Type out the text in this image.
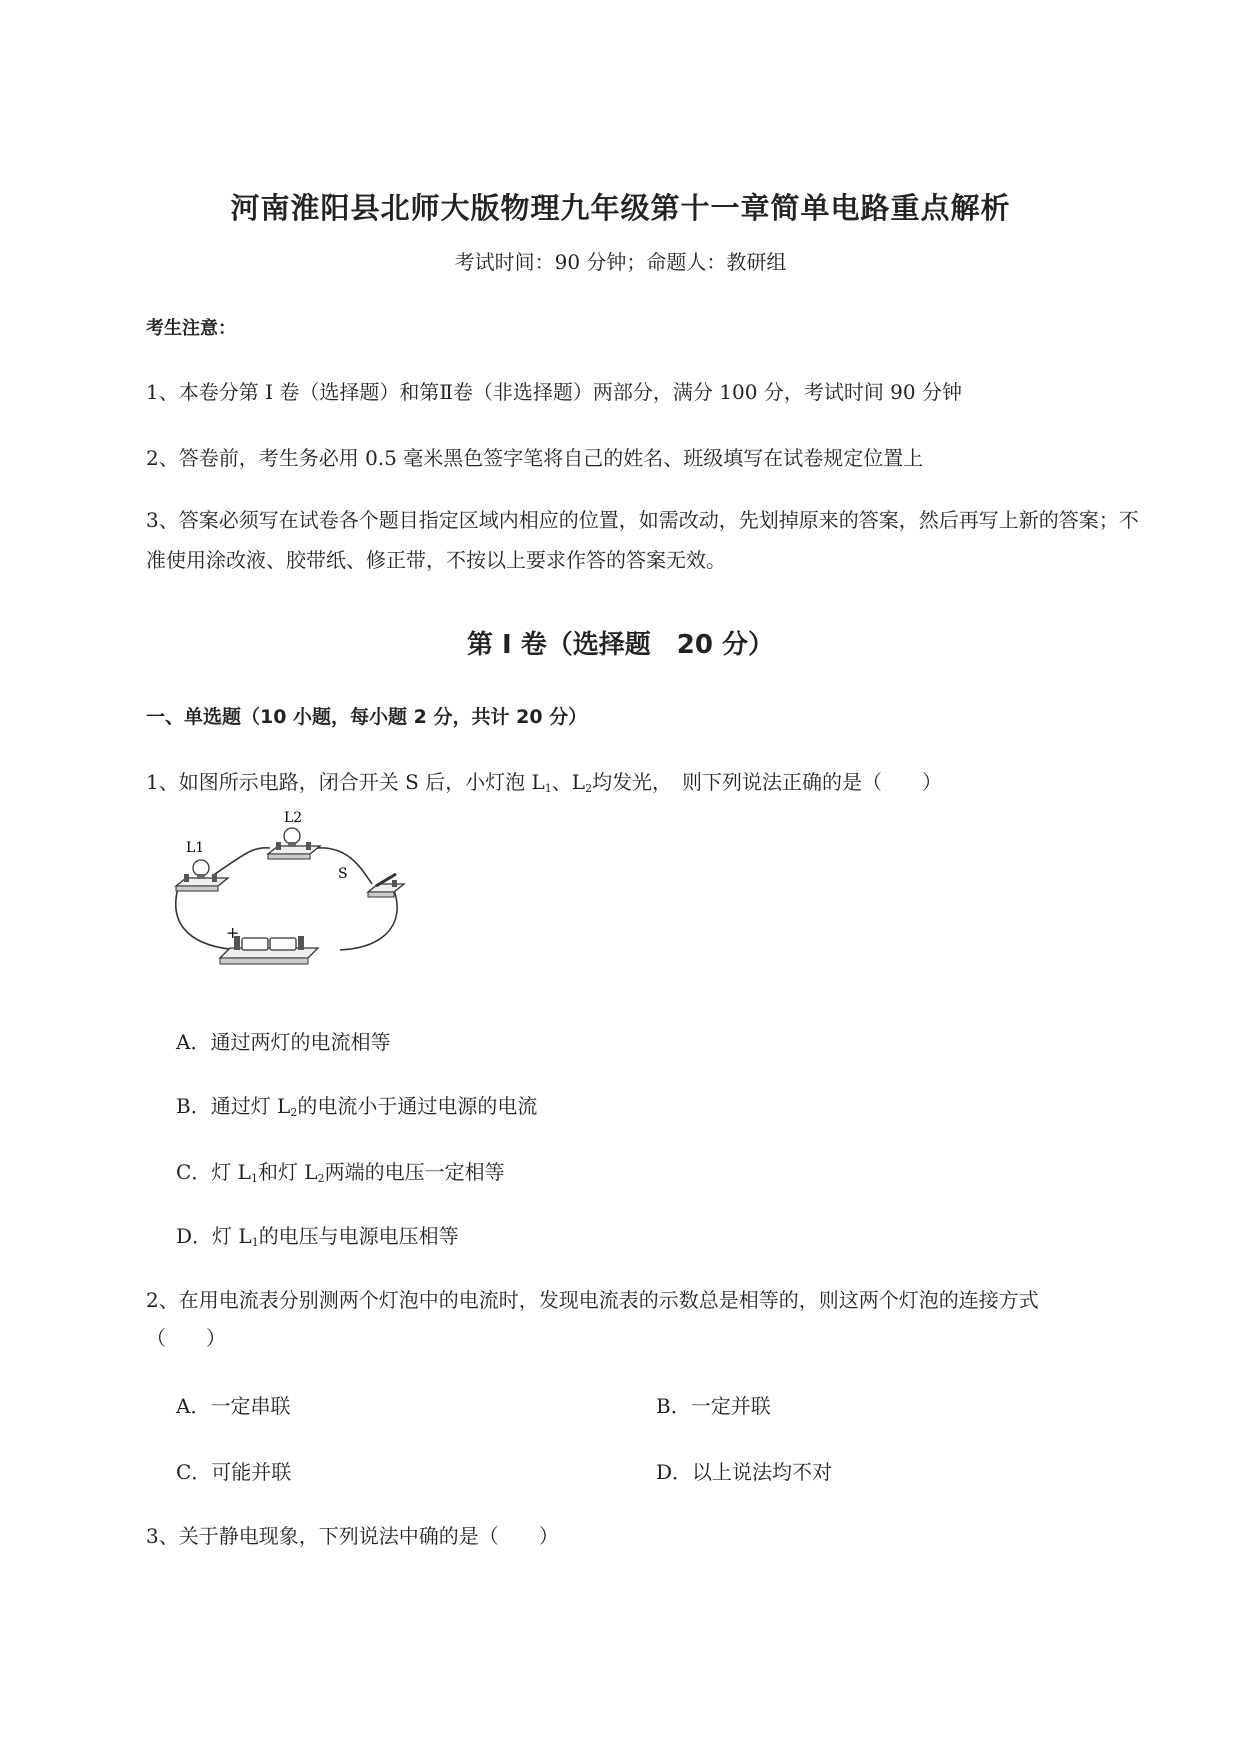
河南淮阳县北师大版物理九年级第十一章简单电路重点解析
考试时间：90 分钟；命题人：教研组
考生注意：
1、本卷分第 I 卷（选择题）和第Ⅱ卷（非选择题）两部分，满分 100 分，考试时间 90 分钟
2、答卷前，考生务必用 0.5 毫米黑色签字笔将自己的姓名、班级填写在试卷规定位置上
3、答案必须写在试卷各个题目指定区域内相应的位置，如需改动，先划掉原来的答案，然后再写上新的答案；不准使用涂改液、胶带纸、修正带，不按以上要求作答的答案无效。
第 I 卷（选择题　20 分）
一、单选题（10 小题，每小题 2 分，共计 20 分）
1、如图所示电路，闭合开关 S 后，小灯泡 $L_1$、$L_2$均发光，　则下列说法正确的是（　　）
L1
L2
S
+
A．通过两灯的电流相等
B．通过灯 $L_2$的电流小于通过电源的电流
C．灯 $L_1$和灯 $L_2$两端的电压一定相等
D．灯 $L_1$的电压与电源电压相等
2、在用电流表分别测两个灯泡中的电流时，发现电流表的示数总是相等的，则这两个灯泡的连接方式
（　　）
A．一定串联	B．一定并联
C．可能并联	D．以上说法均不对
3、关于静电现象，下列说法中确的是（　　）
